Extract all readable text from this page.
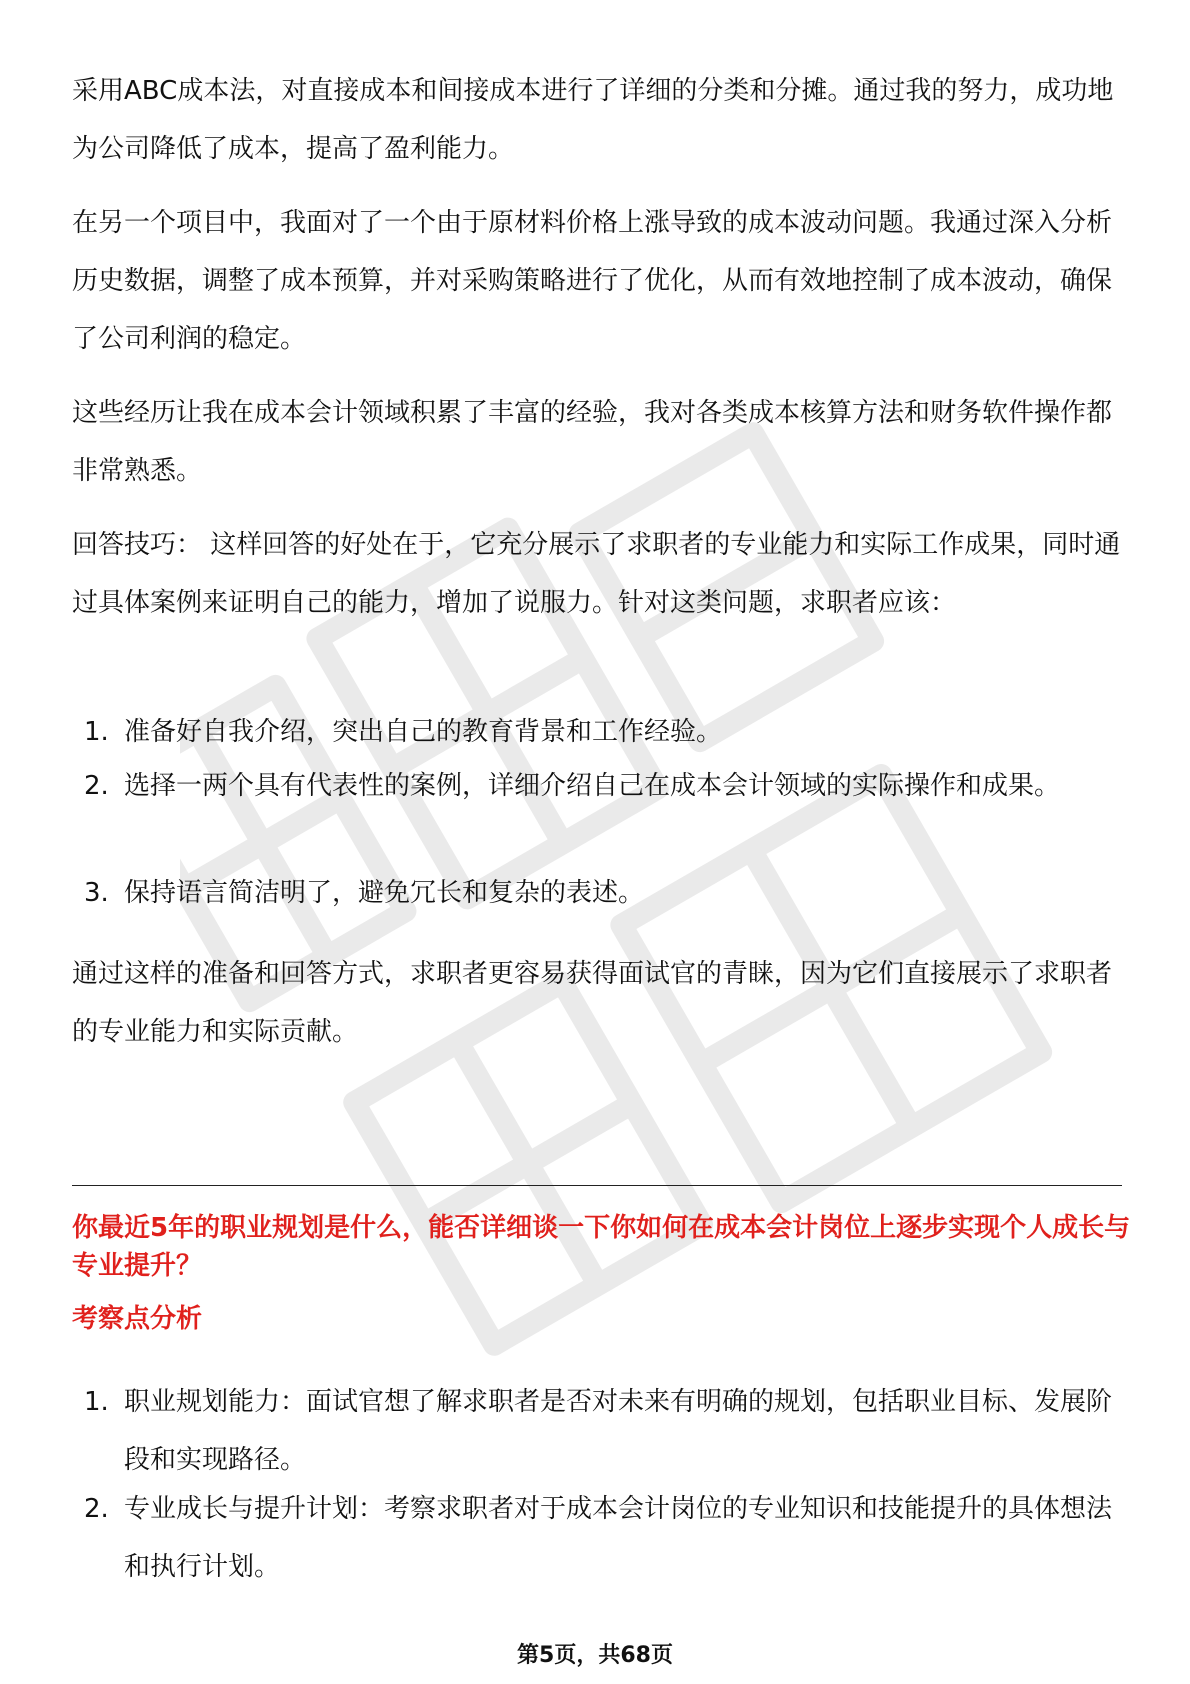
采用ABC成本法，对直接成本和间接成本进行了详细的分类和分摊。通过我的努力，成功地为公司降低了成本，提高了盈利能力。

在另一个项目中，我面对了一个由于原材料价格上涨导致的成本波动问题。我通过深入分析历史数据，调整了成本预算，并对采购策略进行了优化，从而有效地控制了成本波动，确保了公司利润的稳定。

这些经历让我在成本会计领域积累了丰富的经验，我对各类成本核算方法和财务软件操作都非常熟悉。

回答技巧： 这样回答的好处在于，它充分展示了求职者的专业能力和实际工作成果，同时通过具体案例来证明自己的能力，增加了说服力。针对这类问题，求职者应该：

1. 准备好自我介绍，突出自己的教育背景和工作经验。
2. 选择一两个具有代表性的案例，详细介绍自己在成本会计领域的实际操作和成果。
3. 保持语言简洁明了，避免冗长和复杂的表述。

通过这样的准备和回答方式，求职者更容易获得面试官的青睐，因为它们直接展示了求职者的专业能力和实际贡献。

你最近5年的职业规划是什么，能否详细谈一下你如何在成本会计岗位上逐步实现个人成长与专业提升？

考察点分析

1. 职业规划能力：面试官想了解求职者是否对未来有明确的规划，包括职业目标、发展阶段和实现路径。
2. 专业成长与提升计划：考察求职者对于成本会计岗位的专业知识和技能提升的具体想法和执行计划。
第5页，共68页
